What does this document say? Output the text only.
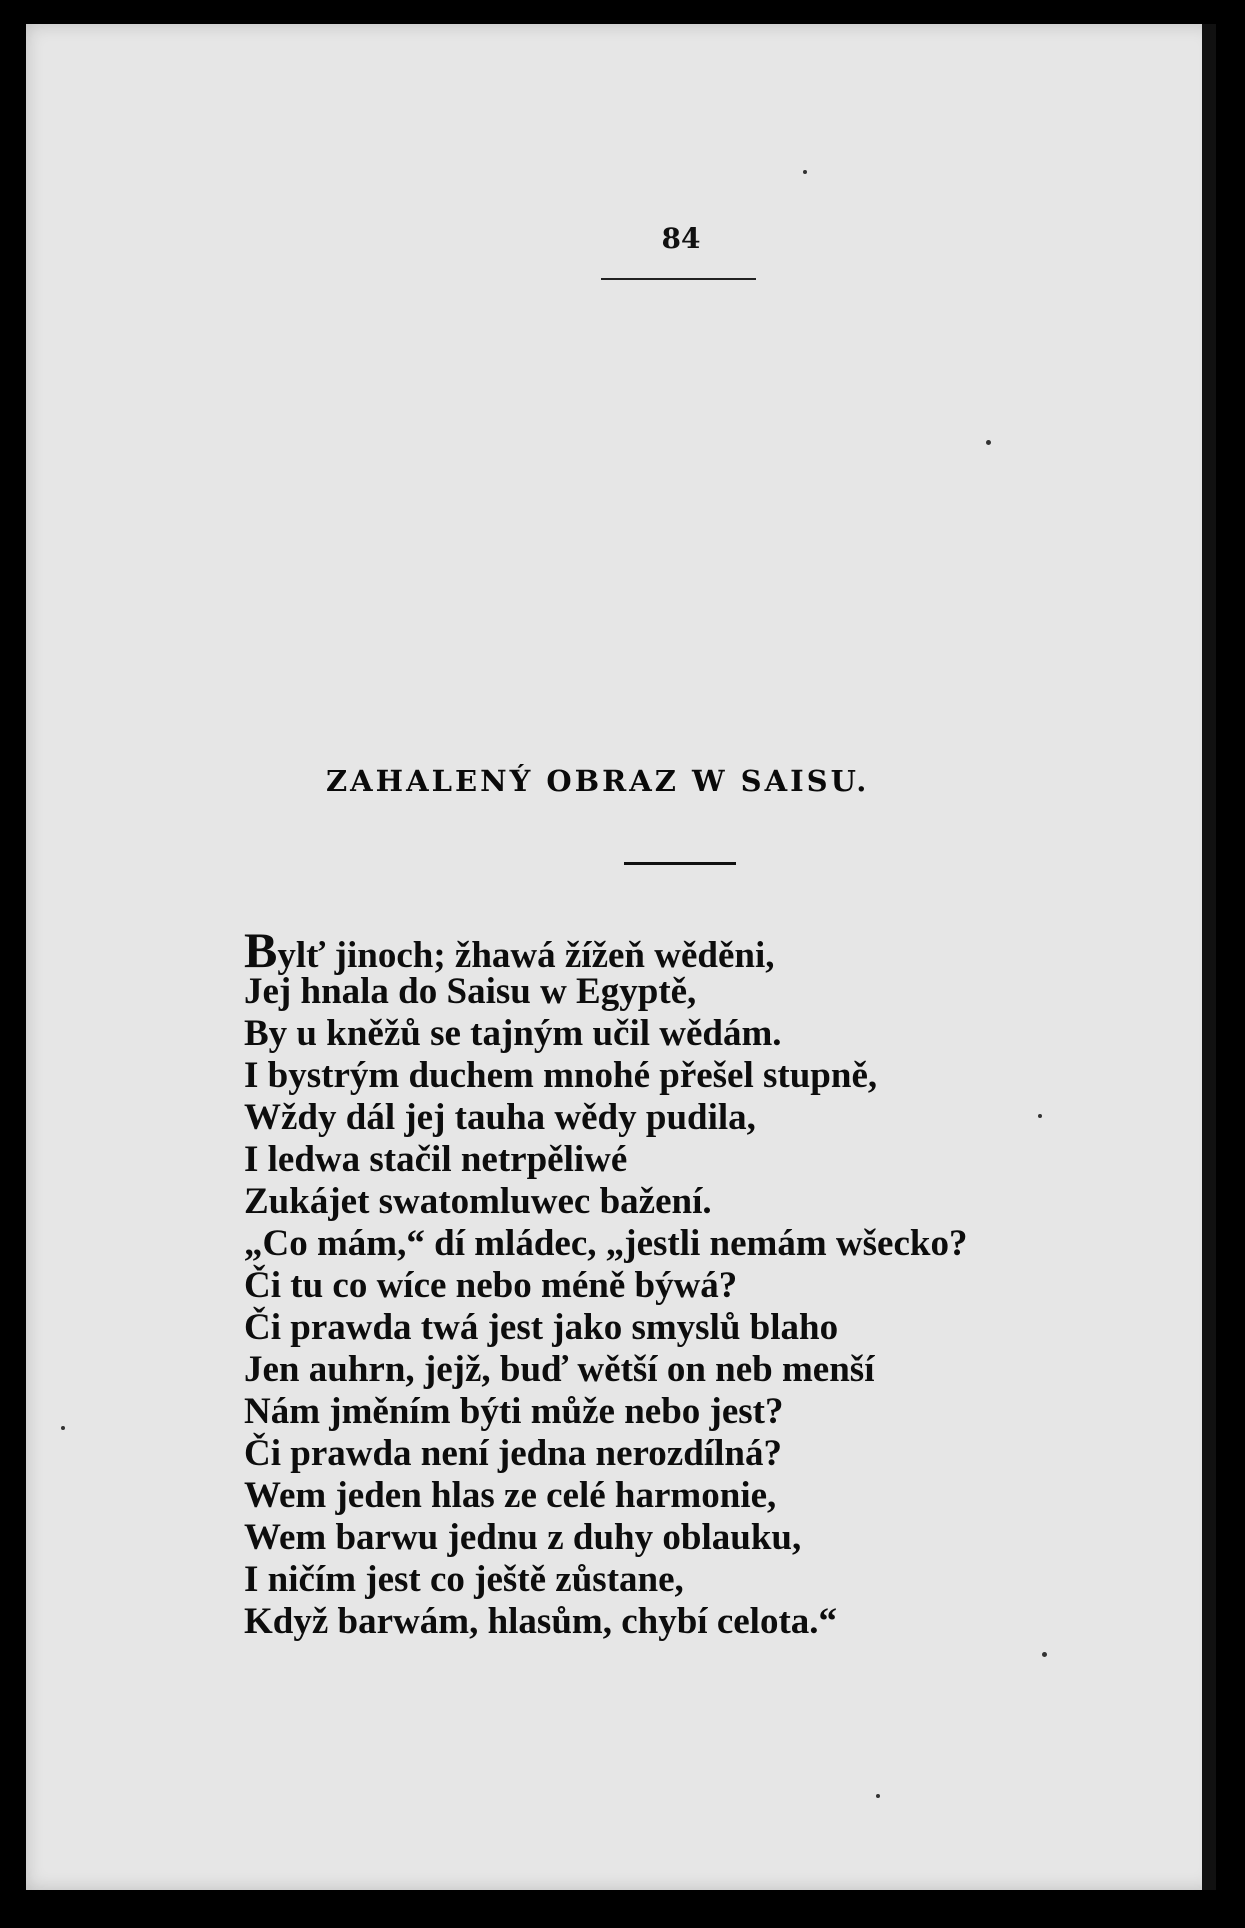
84
ZAHALENÝ OBRAZ W SAISU.
Bylť jinoch; žhawá žížeň wěděni,
Jej hnala do Saisu w Egyptě,
By u kněžů se tajným učil wědám.
I bystrým duchem mnohé přešel stupně,
Wždy dál jej tauha wědy pudila,
I ledwa stačil netrpěliwé
Zukájet swatomluwec bažení.
„Co mám,“ dí mládec, „jestli nemám wšecko?
Či tu co wíce nebo méně býwá?
Či prawda twá jest jako smyslů blaho
Jen auhrn, jejž, buď wětší on neb menší
Nám jměním býti může nebo jest?
Či prawda není jedna nerozdílná?
Wem jeden hlas ze celé harmonie,
Wem barwu jednu z duhy oblauku,
I ničím jest co ještě zůstane,
Když barwám, hlasům, chybí celota.“
